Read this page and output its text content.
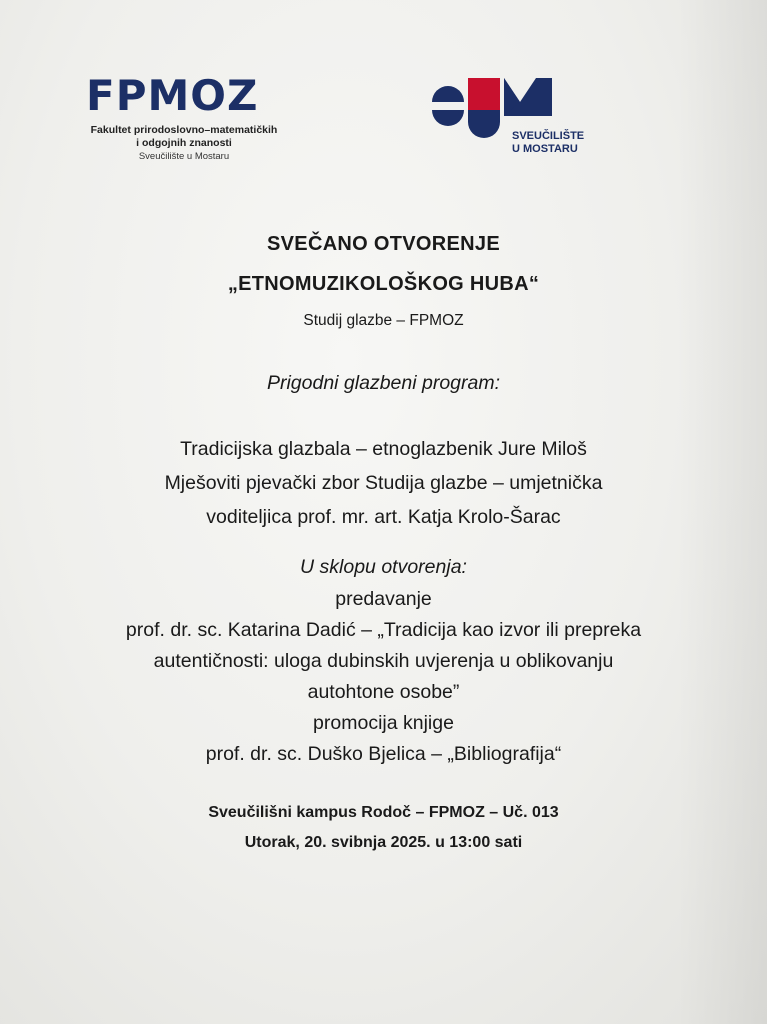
FPMOZ
Fakultet prirodoslovno–matematičkih
i odgojnih znanosti
Sveučilište u Mostaru
SVEUČILIŠTE
U MOSTARU
SVEČANO OTVORENJE
„ETNOMUZIKOLOŠKOG HUBA“
Studij glazbe – FPMOZ
Prigodni glazbeni program:
Tradicijska glazbala – etnoglazbenik Jure Miloš
Mješoviti pjevački zbor Studija glazbe – umjetnička
voditeljica prof. mr. art. Katja Krolo-Šarac
U sklopu otvorenja:
predavanje
prof. dr. sc. Katarina Dadić – „Tradicija kao izvor ili prepreka
autentičnosti: uloga dubinskih uvjerenja u oblikovanju
autohtone osobe”
promocija knjige
prof. dr. sc. Duško Bjelica – „Bibliografija“
Sveučilišni kampus Rodoč – FPMOZ – Uč. 013
Utorak, 20. svibnja 2025. u 13:00 sati
